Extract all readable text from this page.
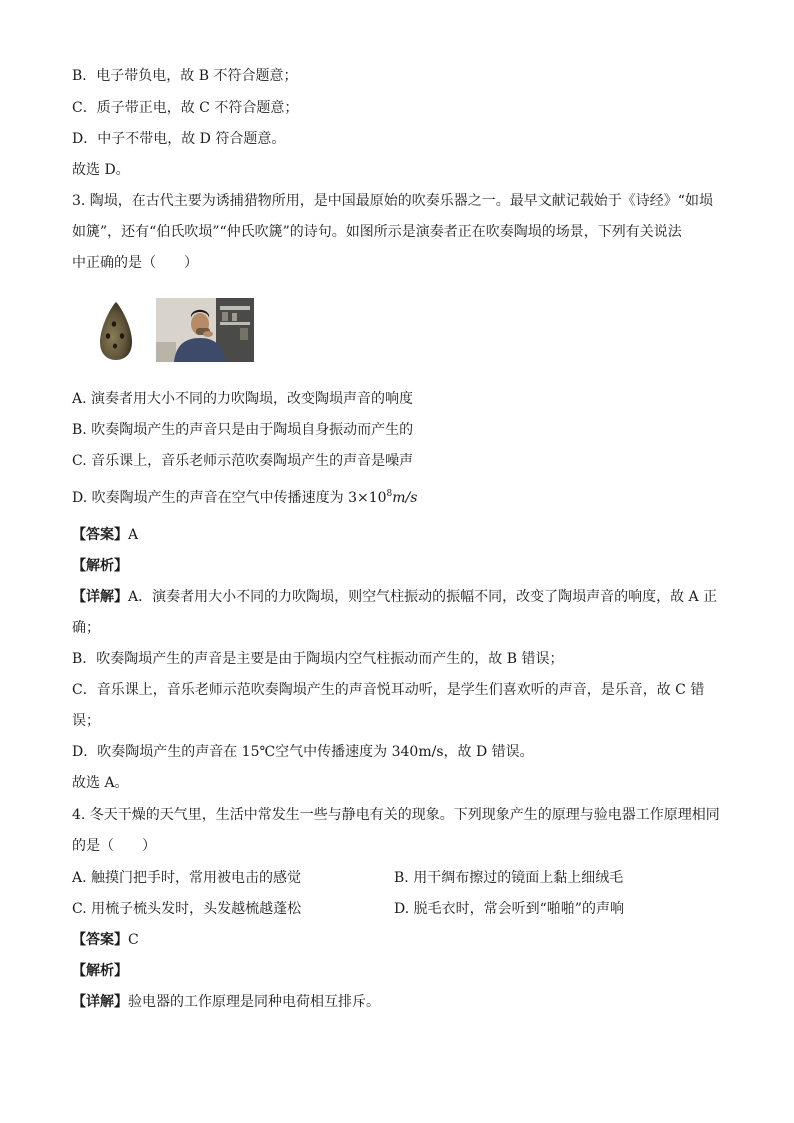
B．电子带负电，故 B 不符合题意；
C．质子带正电，故 C 不符合题意；
D．中子不带电，故 D 符合题意。
故选 D。
3. 陶埙，在古代主要为诱捕猎物所用，是中国最原始的吹奏乐器之一。最早文献记载始于《诗经》“如埙
如篪”，还有“伯氏吹埙”“仲氏吹篪”的诗句。如图所示是演奏者正在吹奏陶埙的场景，下列有关说法
中正确的是（　　）
A. 演奏者用大小不同的力吹陶埙，改变陶埙声音的响度
B. 吹奏陶埙产生的声音只是由于陶埙自身振动而产生的
C. 音乐课上，音乐老师示范吹奏陶埙产生的声音是噪声
D. 吹奏陶埙产生的声音在空气中传播速度为 $3\times 10^8m/s$
【答案】A
【解析】
【详解】A．演奏者用大小不同的力吹陶埙，则空气柱振动的振幅不同，改变了陶埙声音的响度，故 A 正
确；
B．吹奏陶埙产生的声音是主要是由于陶埙内空气柱振动而产生的，故 B 错误；
C．音乐课上，音乐老师示范吹奏陶埙产生的声音悦耳动听，是学生们喜欢听的声音，是乐音，故 C 错
误；
D．吹奏陶埙产生的声音在 15℃空气中传播速度为 340m/s，故 D 错误。
故选 A。
4. 冬天干燥的天气里，生活中常发生一些与静电有关的现象。下列现象产生的原理与验电器工作原理相同
的是（　　）
A. 触摸门把手时，常用被电击的感觉	B. 用干绸布擦过的镜面上黏上细绒毛
C. 用梳子梳头发时，头发越梳越蓬松	D. 脱毛衣时，常会听到“啪啪”的声响
【答案】C
【解析】
【详解】验电器的工作原理是同种电荷相互排斥。
